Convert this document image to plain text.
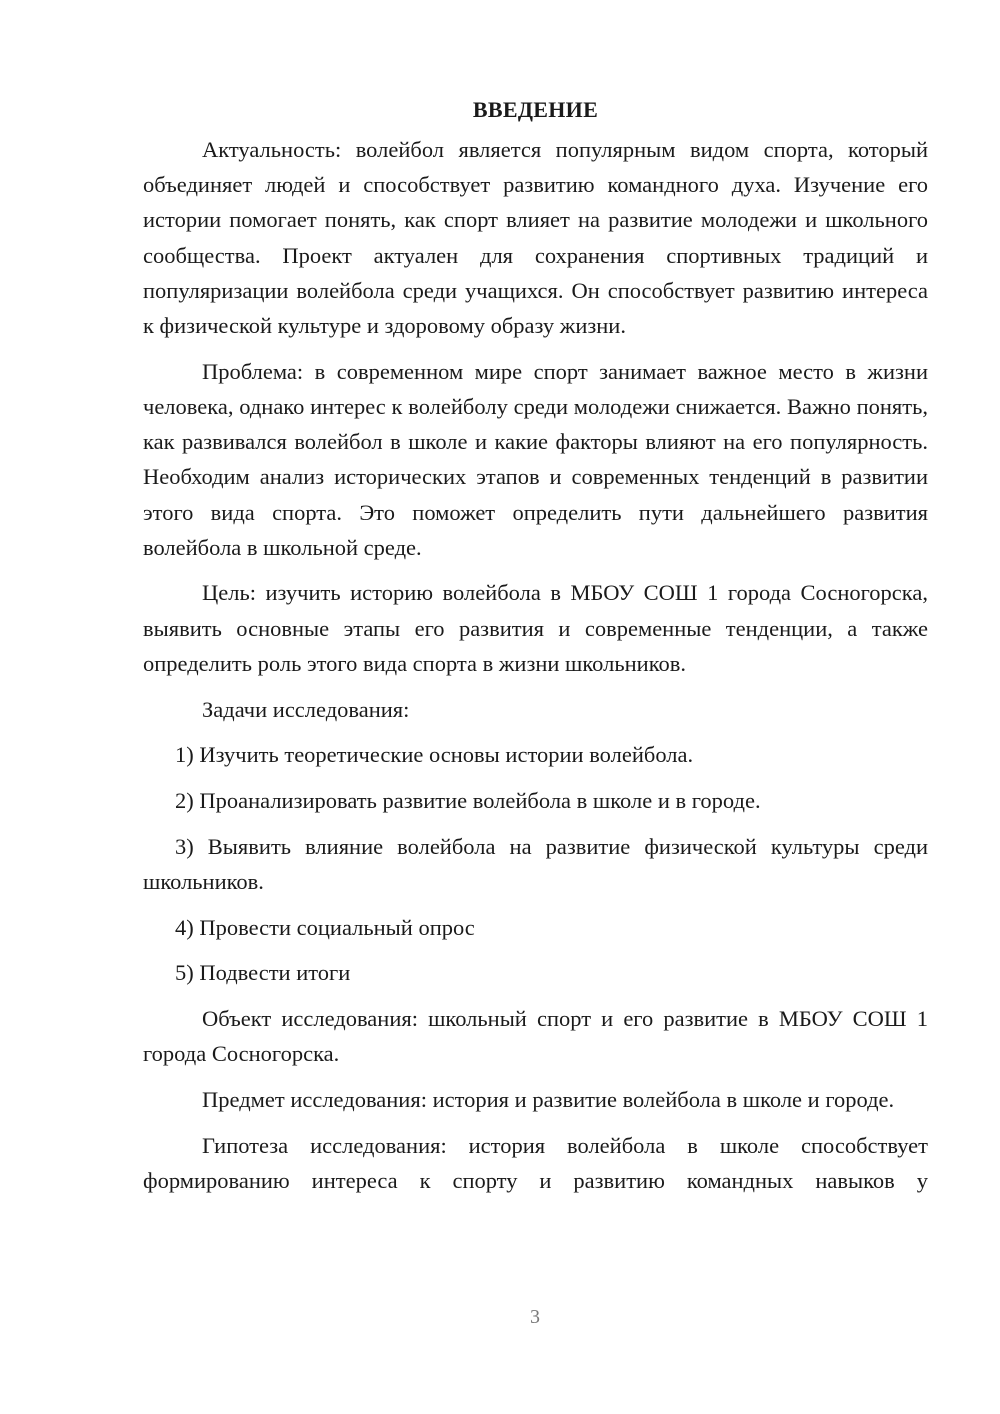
ВВЕДЕНИЕ

Актуальность: волейбол является популярным видом спорта, который объединяет людей и способствует развитию командного духа. Изучение его истории помогает понять, как спорт влияет на развитие молодежи и школьного сообщества. Проект актуален для сохранения спортивных традиций и популяризации волейбола среди учащихся. Он способствует развитию интереса к физической культуре и здоровому образу жизни.

Проблема: в современном мире спорт занимает важное место в жизни человека, однако интерес к волейболу среди молодежи снижается. Важно понять, как развивался волейбол в школе и какие факторы влияют на его популярность. Необходим анализ исторических этапов и современных тенденций в развитии этого вида спорта. Это поможет определить пути дальнейшего развития волейбола в школьной среде.

Цель: изучить историю волейбола в МБОУ СОШ 1 города Сосногорска, выявить основные этапы его развития и современные тенденции, а также определить роль этого вида спорта в жизни школьников.

Задачи исследования:

1) Изучить теоретические основы истории волейбола.

2) Проанализировать развитие волейбола в школе и в городе.

3) Выявить влияние волейбола на развитие физической культуры среди школьников.

4) Провести социальный опрос

5) Подвести итоги

Объект исследования: школьный спорт и его развитие в МБОУ СОШ 1 города Сосногорска.

Предмет исследования: история и развитие волейбола в школе и городе.

Гипотеза исследования: история волейбола в школе способствует формированию интереса к спорту и развитию командных навыков у

3
